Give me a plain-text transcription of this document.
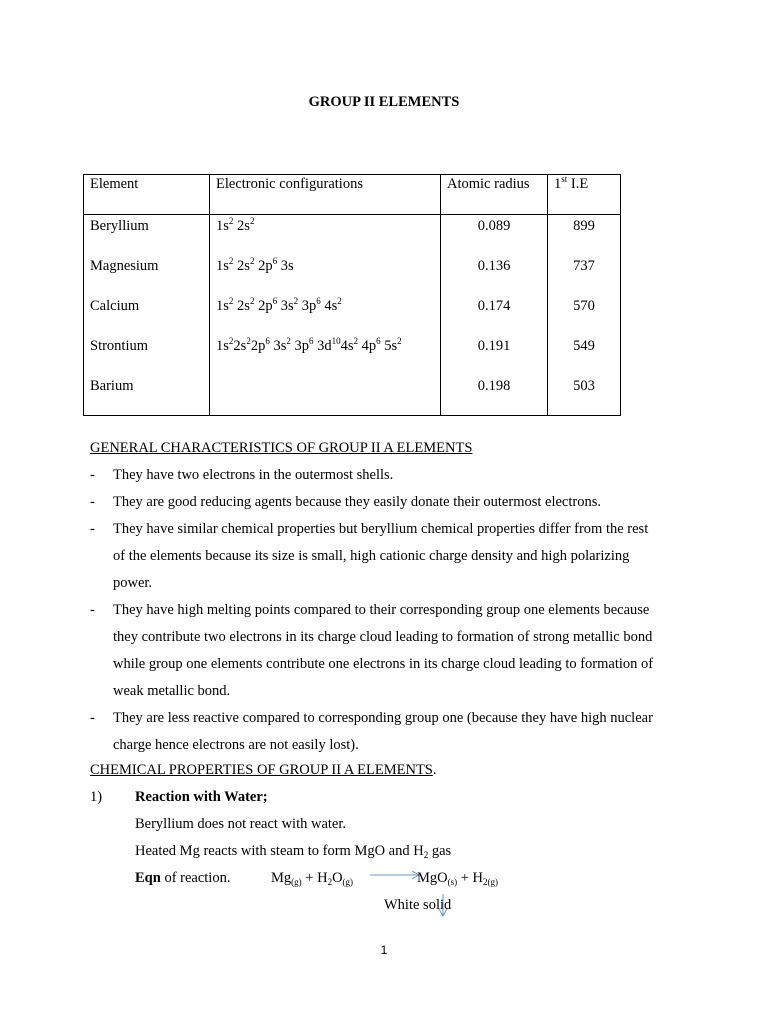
GROUP II ELEMENTS
Element	Electronic configurations	Atomic radius	1st I.E
Beryllium	$1s^2$ $2s^2$	0.089	899
Magnesium	$1s^2$ $2s^2$ $2p^6$ 3s	0.136	737
Calcium	$1s^2$ $2s^2$ $2p^6$ $3s^2$ $3p^6$ $4s^2$	0.174	570
Strontium	$1s^22s^22p^6$ $3s^2$ $3p^6$ $3d^{10}4s^2$ $4p^6$ $5s^2$	0.191	549
Barium		0.198	503
GENERAL CHARACTERISTICS OF GROUP II A ELEMENTS
- They have two electrons in the outermost shells.
- They are good reducing agents because they easily donate their outermost electrons.
- They have similar chemical properties but beryllium chemical properties differ from the rest
of the elements because its size is small, high cationic charge density and high polarizing
power.
- They have high melting points compared to their corresponding group one elements because
they contribute two electrons in its charge cloud leading to formation of strong metallic bond
while group one elements contribute one electrons in its charge cloud leading to formation of
weak metallic bond.
- They are less reactive compared to corresponding group one (because they have high nuclear
charge hence electrons are not easily lost).
CHEMICAL PROPERTIES OF GROUP II A ELEMENTS.
1) Reaction with Water;
Beryllium does not react with water.
Heated Mg reacts with steam to form MgO and $H_2$ gas
Eqn of reaction.	$Mg_{(g)} + H_2O_{(g)}$	$MgO_{(s)} + H_{2(g)}$
White solid
1
